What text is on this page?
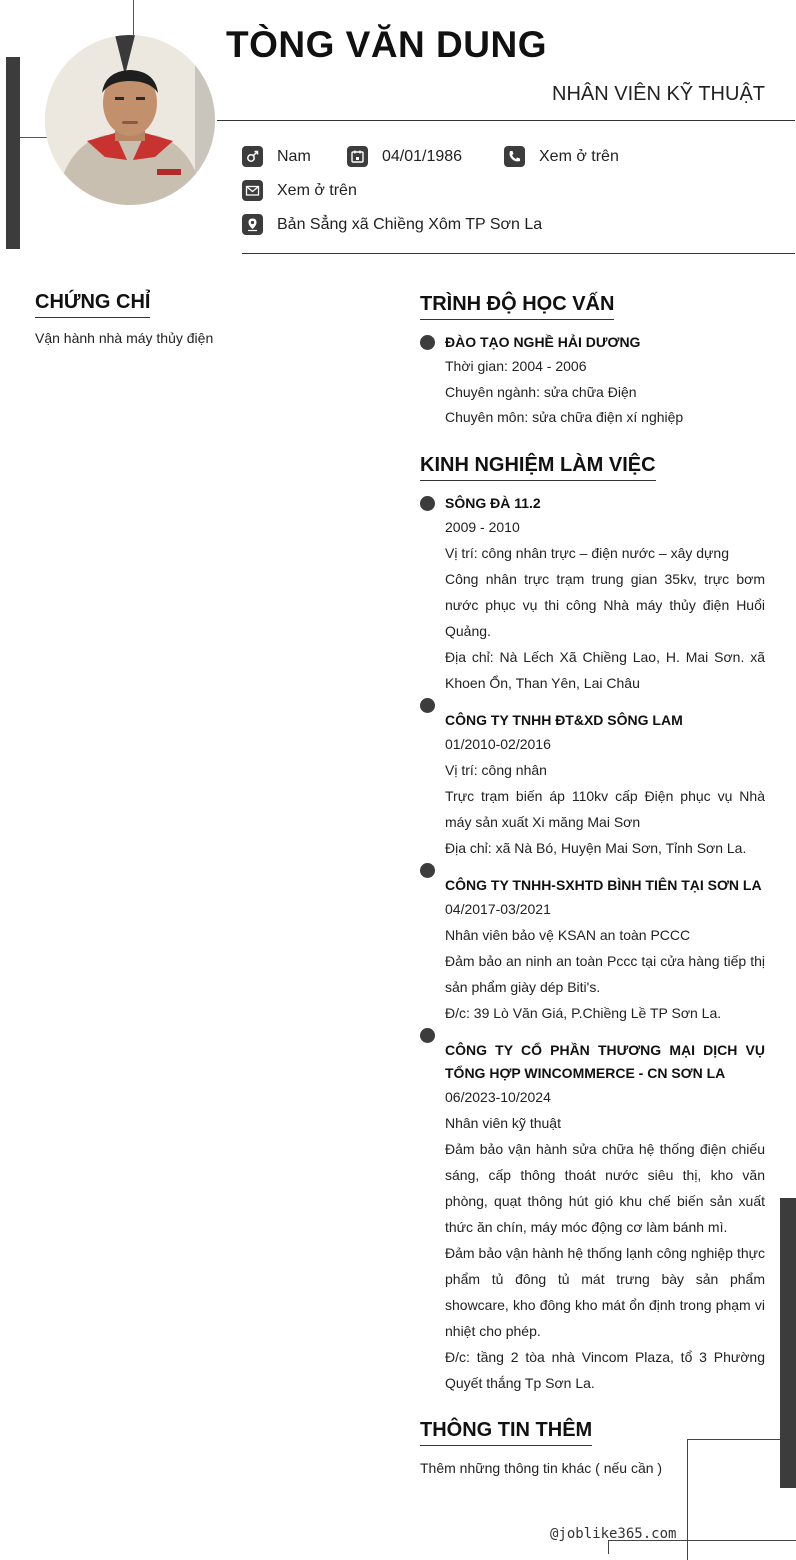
TÒNG VĂN DUNG
NHÂN VIÊN KỸ THUẬT
Nam	04/01/1986	Xem ở trên
Xem ở trên
Bản Sẳng xã Chiềng Xôm TP Sơn La
CHỨNG CHỈ
Vận hành nhà máy thủy điện
TRÌNH ĐỘ HỌC VẤN
ĐÀO TẠO NGHỀ HẢI DƯƠNG
Thời gian: 2004 - 2006
Chuyên ngành: sửa chữa Điện
Chuyên môn: sửa chữa điện xí nghiệp
KINH NGHIỆM LÀM VIỆC
SÔNG ĐÀ 11.2
2009 - 2010
Vị trí: công nhân trực – điện nước – xây dựng
Công nhân trực trạm trung gian 35kv, trực bơm nước phục vụ thi công Nhà máy thủy điện Huổi Quảng.
Địa chỉ: Nà Lếch Xã Chiềng Lao, H. Mai Sơn. xã Khoen Ổn, Than Yên, Lai Châu
CÔNG TY TNHH ĐT&XD SÔNG LAM
01/2010-02/2016
Vị trí: công nhân
Trực trạm biến áp 110kv cấp Điện phục vụ Nhà máy sản xuất Xi măng Mai Sơn
Địa chỉ: xã Nà Bó, Huyện Mai Sơn, Tỉnh Sơn La.
CÔNG TY TNHH-SXHTD BÌNH TIÊN TẠI SƠN LA
04/2017-03/2021
Nhân viên bảo vệ KSAN an toàn PCCC
Đảm bảo an ninh an toàn Pccc tại cửa hàng tiếp thị sản phẩm giày dép Biti's.
Đ/c: 39 Lò Văn Giá, P.Chiềng Lề TP Sơn La.
CÔNG TY CỔ PHẦN THƯƠNG MẠI DỊCH VỤ TỔNG HỢP WINCOMMERCE - CN SƠN LA
06/2023-10/2024
Nhân viên kỹ thuật
Đảm bảo vận hành sửa chữa hệ thống điện chiếu sáng, cấp thông thoát nước siêu thị, kho văn phòng, quạt thông hút gió khu chế biến sản xuất thức ăn chín, máy móc động cơ làm bánh mì.
Đảm bảo vận hành hệ thống lạnh công nghiệp thực phẩm tủ đông tủ mát trưng bày sản phẩm showcare, kho đông kho mát ổn định trong phạm vi nhiệt cho phép.
Đ/c: tầng 2 tòa nhà Vincom Plaza, tổ 3 Phường Quyết thắng Tp Sơn La.
THÔNG TIN THÊM
Thêm những thông tin khác ( nếu cần )
@joblike365.com
